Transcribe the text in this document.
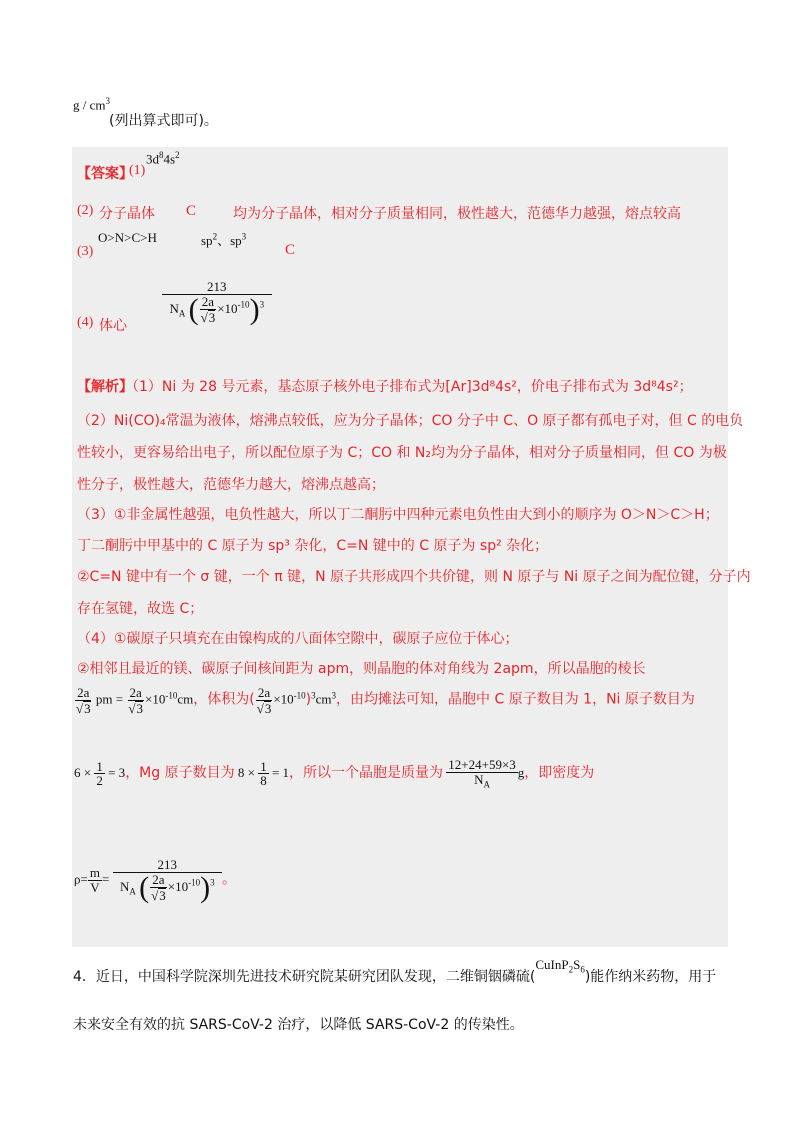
g / $cm^3$
(列出算式即可)。
【答案】
(1)
$3d^84s^2$
(2) 分子晶体 C	均为分子晶体，相对分子质量相同，极性越大，范德华力越强，熔点较高
(3)
O>N>C>H	$sp^2$、$sp^3$
C
(4) 体心
$\frac{213}{N_A ( \frac{2a}{√3} \times 10^{-10})^3}$
【解析】
（1）Ni 为 28 号元素，基态原子核外电子排布式为[Ar]3d⁸4s²，价电子排布式为 3d⁸4s²；
（2）Ni(CO)₄常温为液体，熔沸点较低，应为分子晶体；CO 分子中 C、O 原子都有孤电子对，但 C 的电负
性较小，更容易给出电子，所以配位原子为 C；CO 和 N₂均为分子晶体，相对分子质量相同，但 CO 为极
性分子，极性越大，范德华力越大，熔沸点越高；
（3）①非金属性越强，电负性越大，所以丁二酮肟中四种元素电负性由大到小的顺序为 O＞N＞C＞H；
丁二酮肟中甲基中的 C 原子为 sp³ 杂化，C=N 键中的 C 原子为 sp² 杂化；
②C=N 键中有一个 σ 键，一个 π 键，N 原子共形成四个共价键，则 N 原子与 Ni 原子之间为配位键，分子内
存在氢键，故选 C；
（4）①碳原子只填充在由镍构成的八面体空隙中，碳原子应位于体心；
②相邻且最近的镁、碳原子间核间距为 apm，则晶胞的体对角线为 2apm，所以晶胞的棱长
$\frac{2a}{√3}$ pm = $\frac{2a}{√3} \times 10^{-10}cm$，体积为( $\frac{2a}{√3} \times 10^{-10})^3cm^3$，由均摊法可知，晶胞中 C 原子数目为 1，Ni 原子数目为
$6 \times \frac{1}{2} = 3$，Mg 原子数目为 $8 \times \frac{1}{8} = 1$，所以一个晶胞是质量为 $\frac{12+24+59\times 3}{N_A}$ g，即密度为
$\rho= \frac{m}{V} = \frac{213}{N_A ( \frac{2a}{√3} \times 10^{-10})^3}$ 。
4．近日，中国科学院深圳先进技术研究院某研究团队发现，二维铜铟磷硫($^{CuInP_2S_6}$)能作纳米药物，用于
未来安全有效的抗 SARS-CoV-2 治疗，以降低 SARS-CoV-2 的传染性。
